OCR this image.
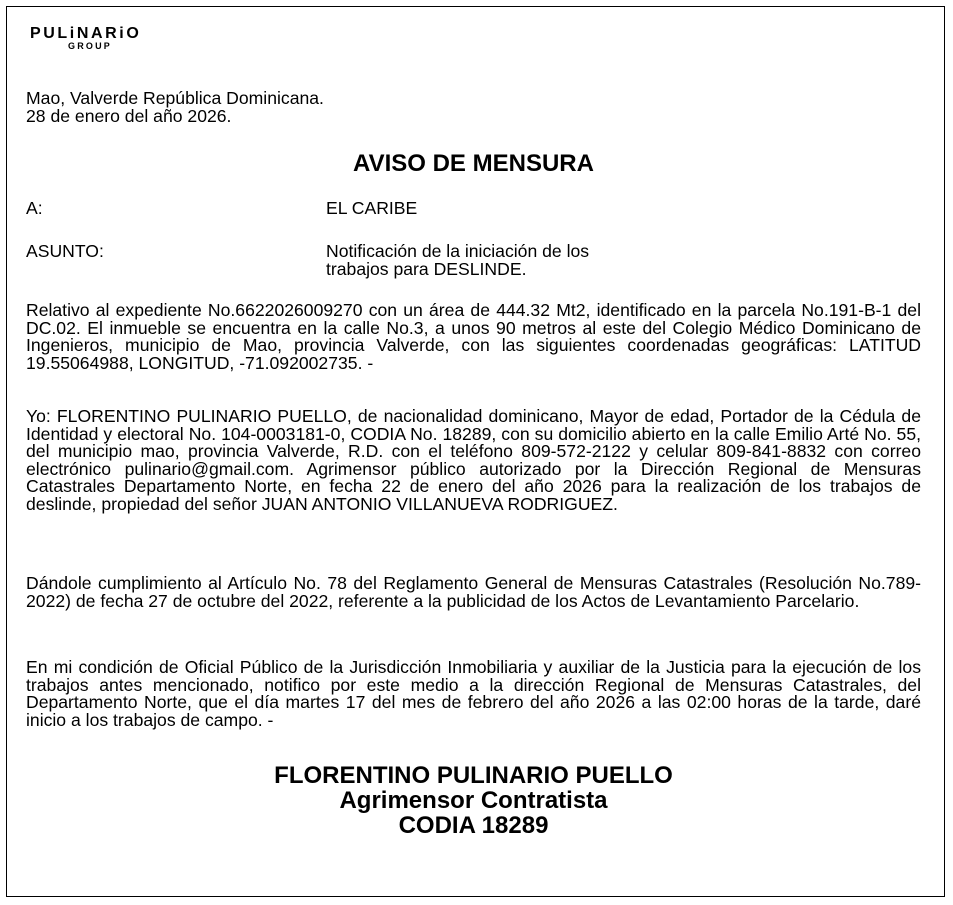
PULiNARiO
GROUP
Mao, Valverde República Dominicana.
28 de enero del año 2026.
AVISO DE MENSURA
A:	EL CARIBE
ASUNTO:	Notificación de la iniciación de los
trabajos para DESLINDE.
Relativo al expediente No.6622026009270 con un área de 444.32 Mt2, identificado en la parcela No.191-B-1 del DC.02. El inmueble se encuentra en la calle No.3, a unos 90 metros al este del Colegio Médico Dominicano de Ingenieros, municipio de Mao, provincia Valverde, con las siguientes coordenadas geográficas: LATITUD 19.55064988, LONGITUD, -71.092002735. -
Yo: FLORENTINO PULINARIO PUELLO, de nacionalidad dominicano, Mayor de edad, Portador de la Cédula de Identidad y electoral No. 104-0003181-0, CODIA No. 18289, con su domicilio abierto en la calle Emilio Arté No. 55, del municipio mao, provincia Valverde, R.D. con el teléfono 809-572-2122 y celular 809-841-8832 con correo electrónico pulinario@gmail.com. Agrimensor público autorizado por la Dirección Regional de Mensuras Catastrales Departamento Norte, en fecha 22 de enero del año 2026 para la realización de los trabajos de deslinde, propiedad del señor JUAN ANTONIO VILLANUEVA RODRIGUEZ.
Dándole cumplimiento al Artículo No. 78 del Reglamento General de Mensuras Catastrales (Resolución No.789-2022) de fecha 27 de octubre del 2022, referente a la publicidad de los Actos de Levantamiento Parcelario.
En mi condición de Oficial Público de la Jurisdicción Inmobiliaria y auxiliar de la Justicia para la ejecución de los trabajos antes mencionado, notifico por este medio a la dirección Regional de Mensuras Catastrales, del Departamento Norte, que el día martes 17 del mes de febrero del año 2026 a las 02:00 horas de la tarde, daré inicio a los trabajos de campo. -
FLORENTINO PULINARIO PUELLO
Agrimensor Contratista
CODIA 18289
